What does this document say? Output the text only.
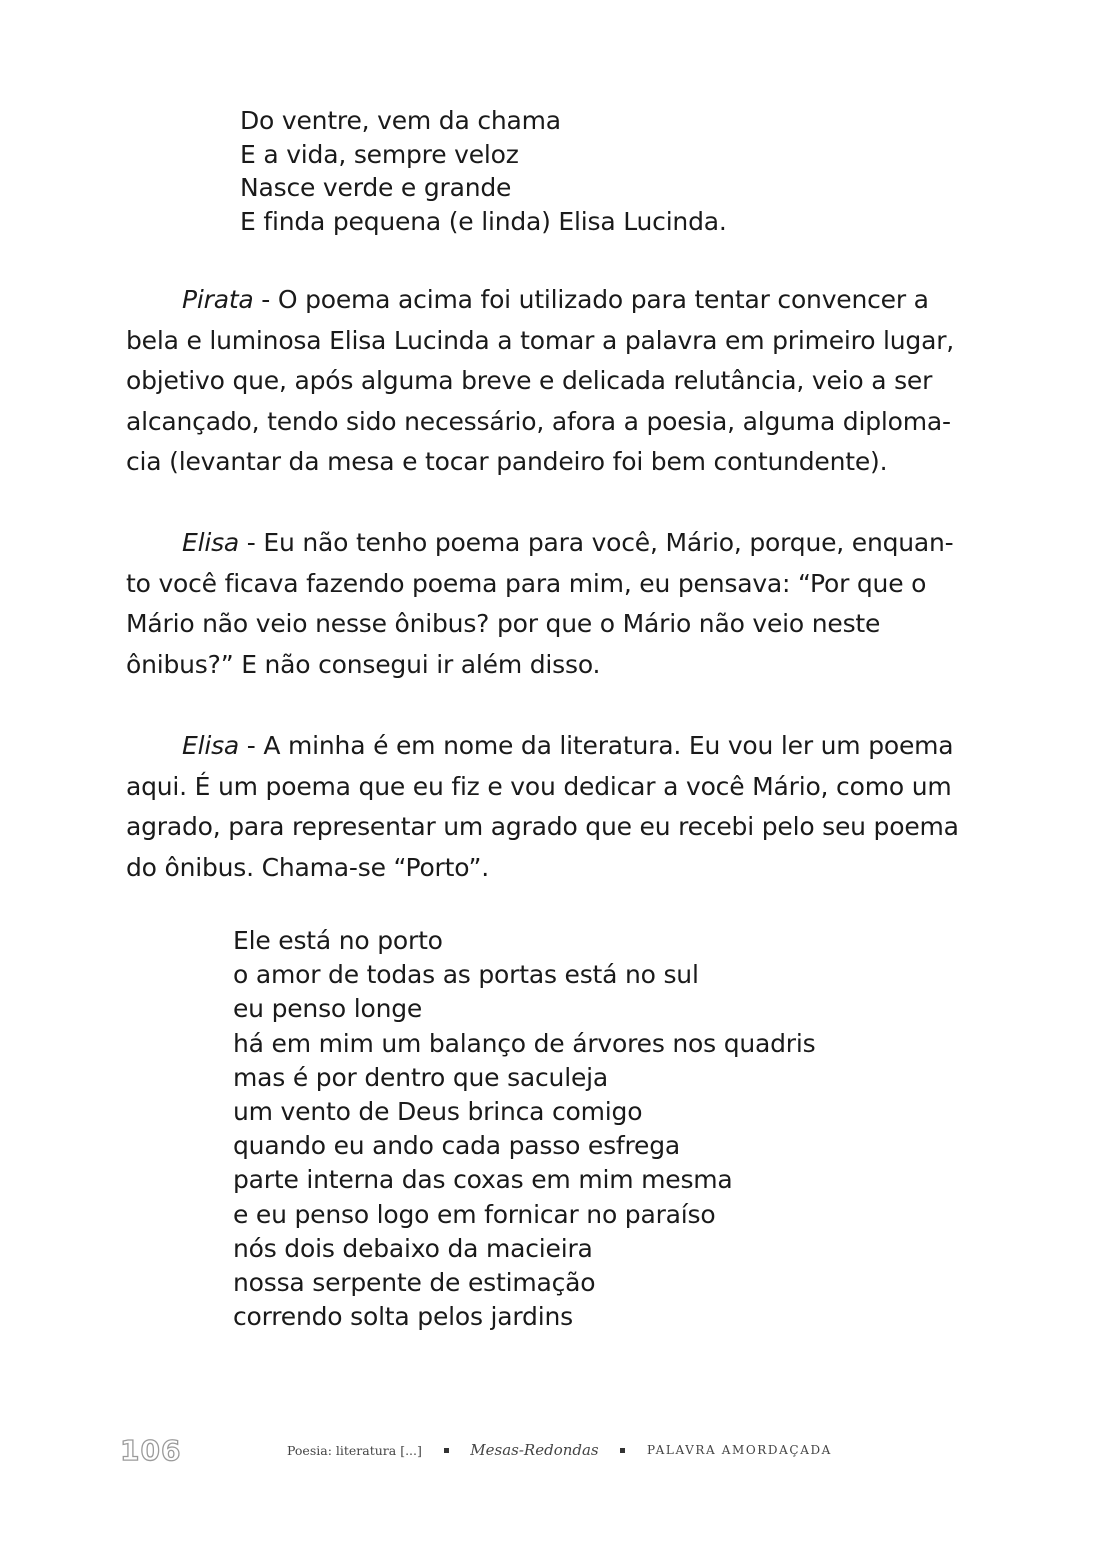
Do ventre, vem da chama
E a vida, sempre veloz
Nasce verde e grande
E finda pequena (e linda) Elisa Lucinda.

Pirata - O poema acima foi utilizado para tentar convencer a
bela e luminosa Elisa Lucinda a tomar a palavra em primeiro lugar,
objetivo que, após alguma breve e delicada relutância, veio a ser
alcançado, tendo sido necessário, afora a poesia, alguma diploma-
cia (levantar da mesa e tocar pandeiro foi bem contundente).

Elisa - Eu não tenho poema para você, Mário, porque, enquan-
to você ficava fazendo poema para mim, eu pensava: “Por que o
Mário não veio nesse ônibus? por que o Mário não veio neste
ônibus?” E não consegui ir além disso.

Elisa - A minha é em nome da literatura. Eu vou ler um poema
aqui. É um poema que eu fiz e vou dedicar a você Mário, como um
agrado, para representar um agrado que eu recebi pelo seu poema
do ônibus. Chama-se “Porto”.

Ele está no porto
o amor de todas as portas está no sul
eu penso longe
há em mim um balanço de árvores nos quadris
mas é por dentro que saculeja
um vento de Deus brinca comigo
quando eu ando cada passo esfrega
parte interna das coxas em mim mesma
e eu penso logo em fornicar no paraíso
nós dois debaixo da macieira
nossa serpente de estimação
correndo solta pelos jardins
106	Poesia: literatura [...]	Mesas-Redondas	PALAVRA AMORDAÇADA
